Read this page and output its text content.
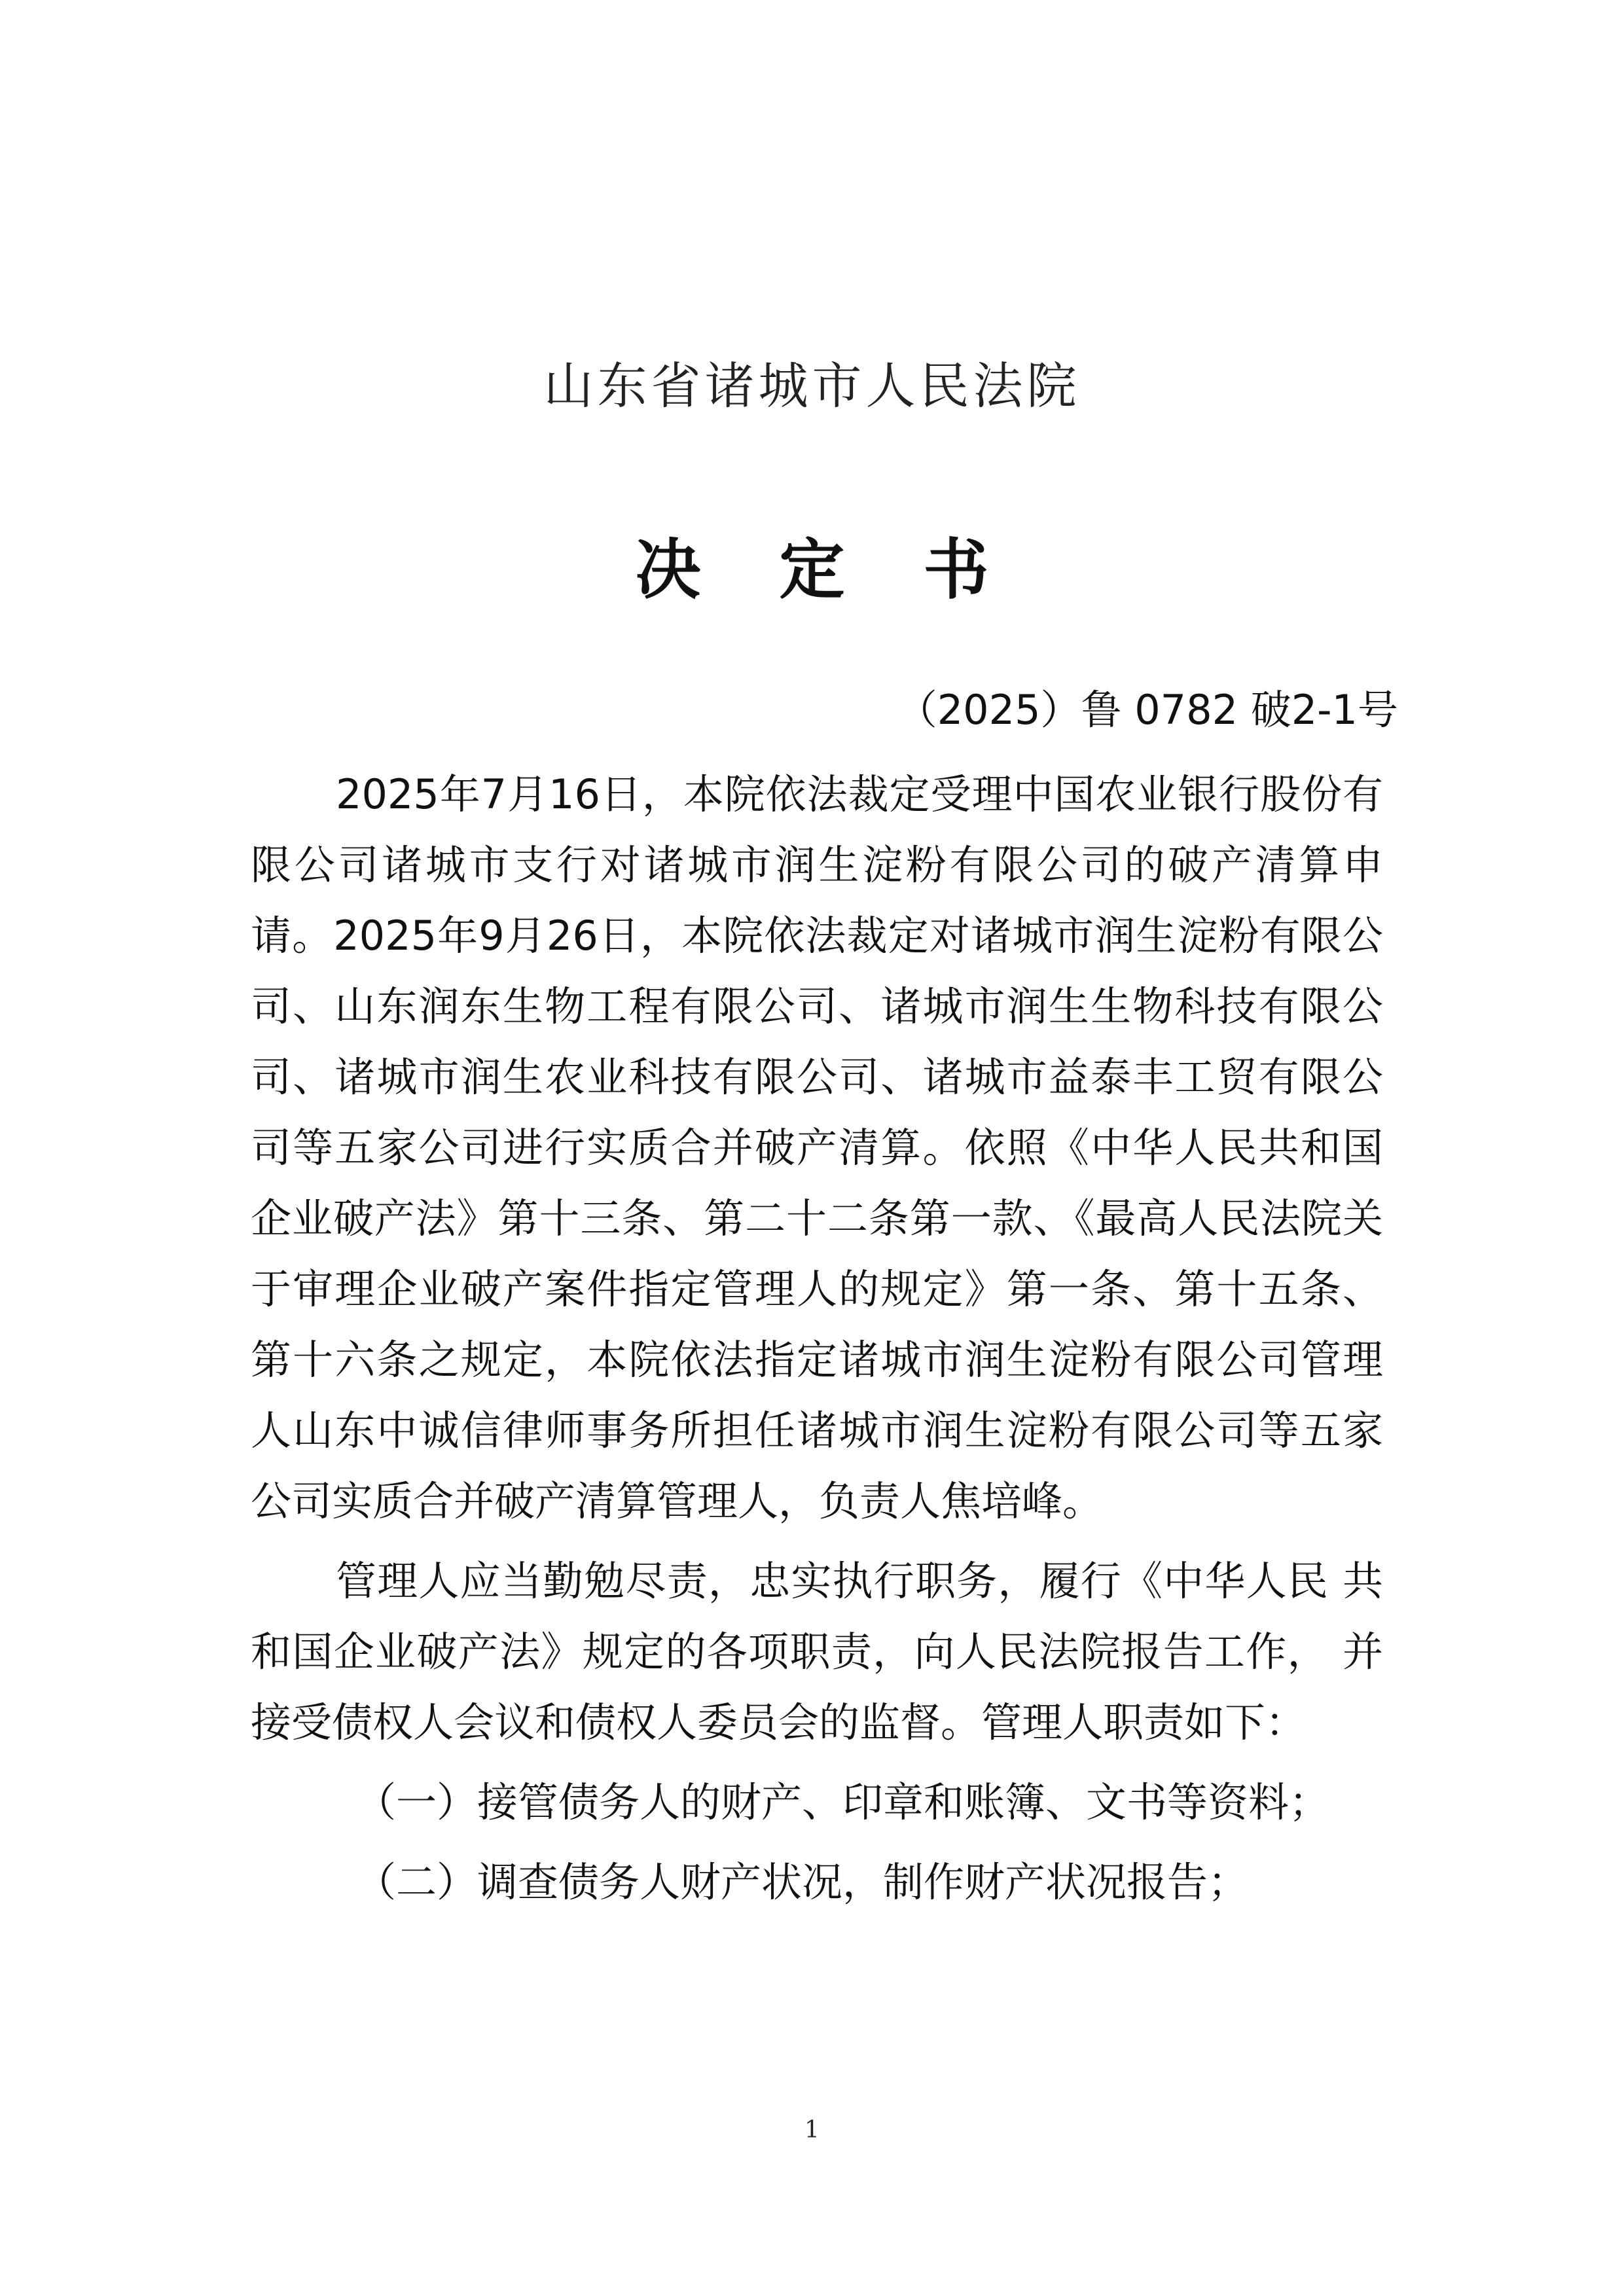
山东省诸城市人民法院
决 定 书
（2025）鲁 0782 破2-1号

2025年7月16日，本院依法裁定受理中国农业银行股份有限公司诸城市支行对诸城市润生淀粉有限公司的破产清算申请。2025年9月26日，本院依法裁定对诸城市润生淀粉有限公司、山东润东生物工程有限公司、诸城市润生生物科技有限公司、诸城市润生农业科技有限公司、诸城市益泰丰工贸有限公司等五家公司进行实质合并破产清算。依照《中华人民共和国企业破产法》第十三条、第二十二条第一款、《最高人民法院关于审理企业破产案件指定管理人的规定》第一条、第十五条、第十六条之规定，本院依法指定诸城市润生淀粉有限公司管理人山东中诚信律师事务所担任诸城市润生淀粉有限公司等五家公司实质合并破产清算管理人，负责人焦培峰。

管理人应当勤勉尽责，忠实执行职务，履行《中华人民 共和国企业破产法》规定的各项职责，向人民法院报告工作， 并接受债权人会议和债权人委员会的监督。管理人职责如下：

（一）接管债务人的财产、印章和账簿、文书等资料；
（二）调查债务人财产状况，制作财产状况报告；
1
